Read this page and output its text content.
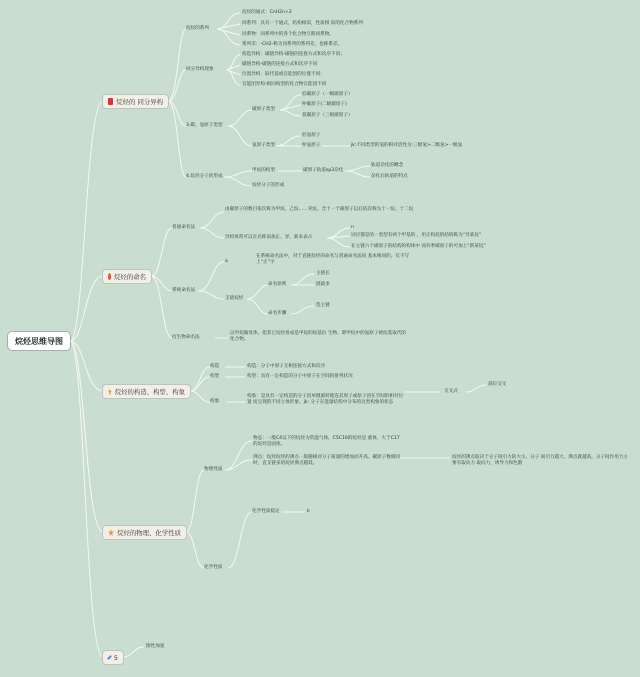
烷烃思维导图
烷烃的 同分异构
烷烃的命名
烷烃的构造、构型、构象
烷烃的物理、化学性质
5
烷烃的系列
烷烃的通式：CnH2n+2
同系列：具有一个通式，结构相似，性质相 似的化合物系列
同系物：同系列中的各个化合物互称同系物。
系列差：-CH2-称为同系列的系列差，也称系差。
同分异构现象
构造异构：碳链异构-碳链的连接方式和次序不同；
碳链异构-碳链的连接方式和次序不同
位置异构：取代基或官能团的位置不同；
官能团异构-相同构型的化合物官能团不同
3.碳、氢原子类型
碳原子类型
伯碳原子（一级碳原子）
仲碳原子(二级碳原子)
叔碳原子（三级碳原子）
氢原子类型
伯氢原子
仲氢原子	jk:不同类型的氢的相对活性为:三级氢>二级氢>一级氢
4.烷烃分子的形成
甲烷的构型	碳原子轨道sp3杂化
轨道杂化的概念
杂化后轨道的特点
烷烃分子的形成
普通命名法
由碳原子的数目依次称为甲烷、乙烷……癸烷。含十一个碳原子以后依次称为十一烷、十二烷
异构体常可以在名称前加正、异、新来表示
n
词应都是的一类型有两个甲基的 ，用正构烷的结构称为“异某烷”
在主链六个碳原子的结构的构体中 而有季碳原子的可加上“新某烷”
系统命名法
a
在系统命名法中，对于直链烷烃的命名与普通命名法同 基本相同的。仅不写上“正”字
支链烷烃
命名原则
主链长
链最多
命名步骤
选主链
衍生物命名法
以甲烷做母体，把其它烷烃看成是甲烷的烷基衍 生物。即甲烷中的氢原子被烷基取代的化合物。
构造	构造：分子中原子互相连接方式和次序
构型	构型：具有一定构造的分子中原子在空间的排列状况
构象
构象：是具有一定构造的分子因单键旋转使连其原子或原子团在空间的相对位置 而呈现的不同立体形象。jk: 分子在能量结构中分布的这类构象的状态
交叉式
部位交叉
物理性质
物态：一般C4以下的烷烃为常温气体，C5C16的烷烃是 液体，大于C17的烷烃是固体。
沸点：烷烃烷烃的沸点一般随相对分子质量的增加而升高。碳原子数相同时，直支链多的烷烃沸点越低。
烷烃的沸点取决于分子间引力的大小。分子 间引力越大，沸点就越高。分子间作用力主要有取向力 取向力，诱导力和色散
化学性质
化学性质稳定	k
擦性加氢
